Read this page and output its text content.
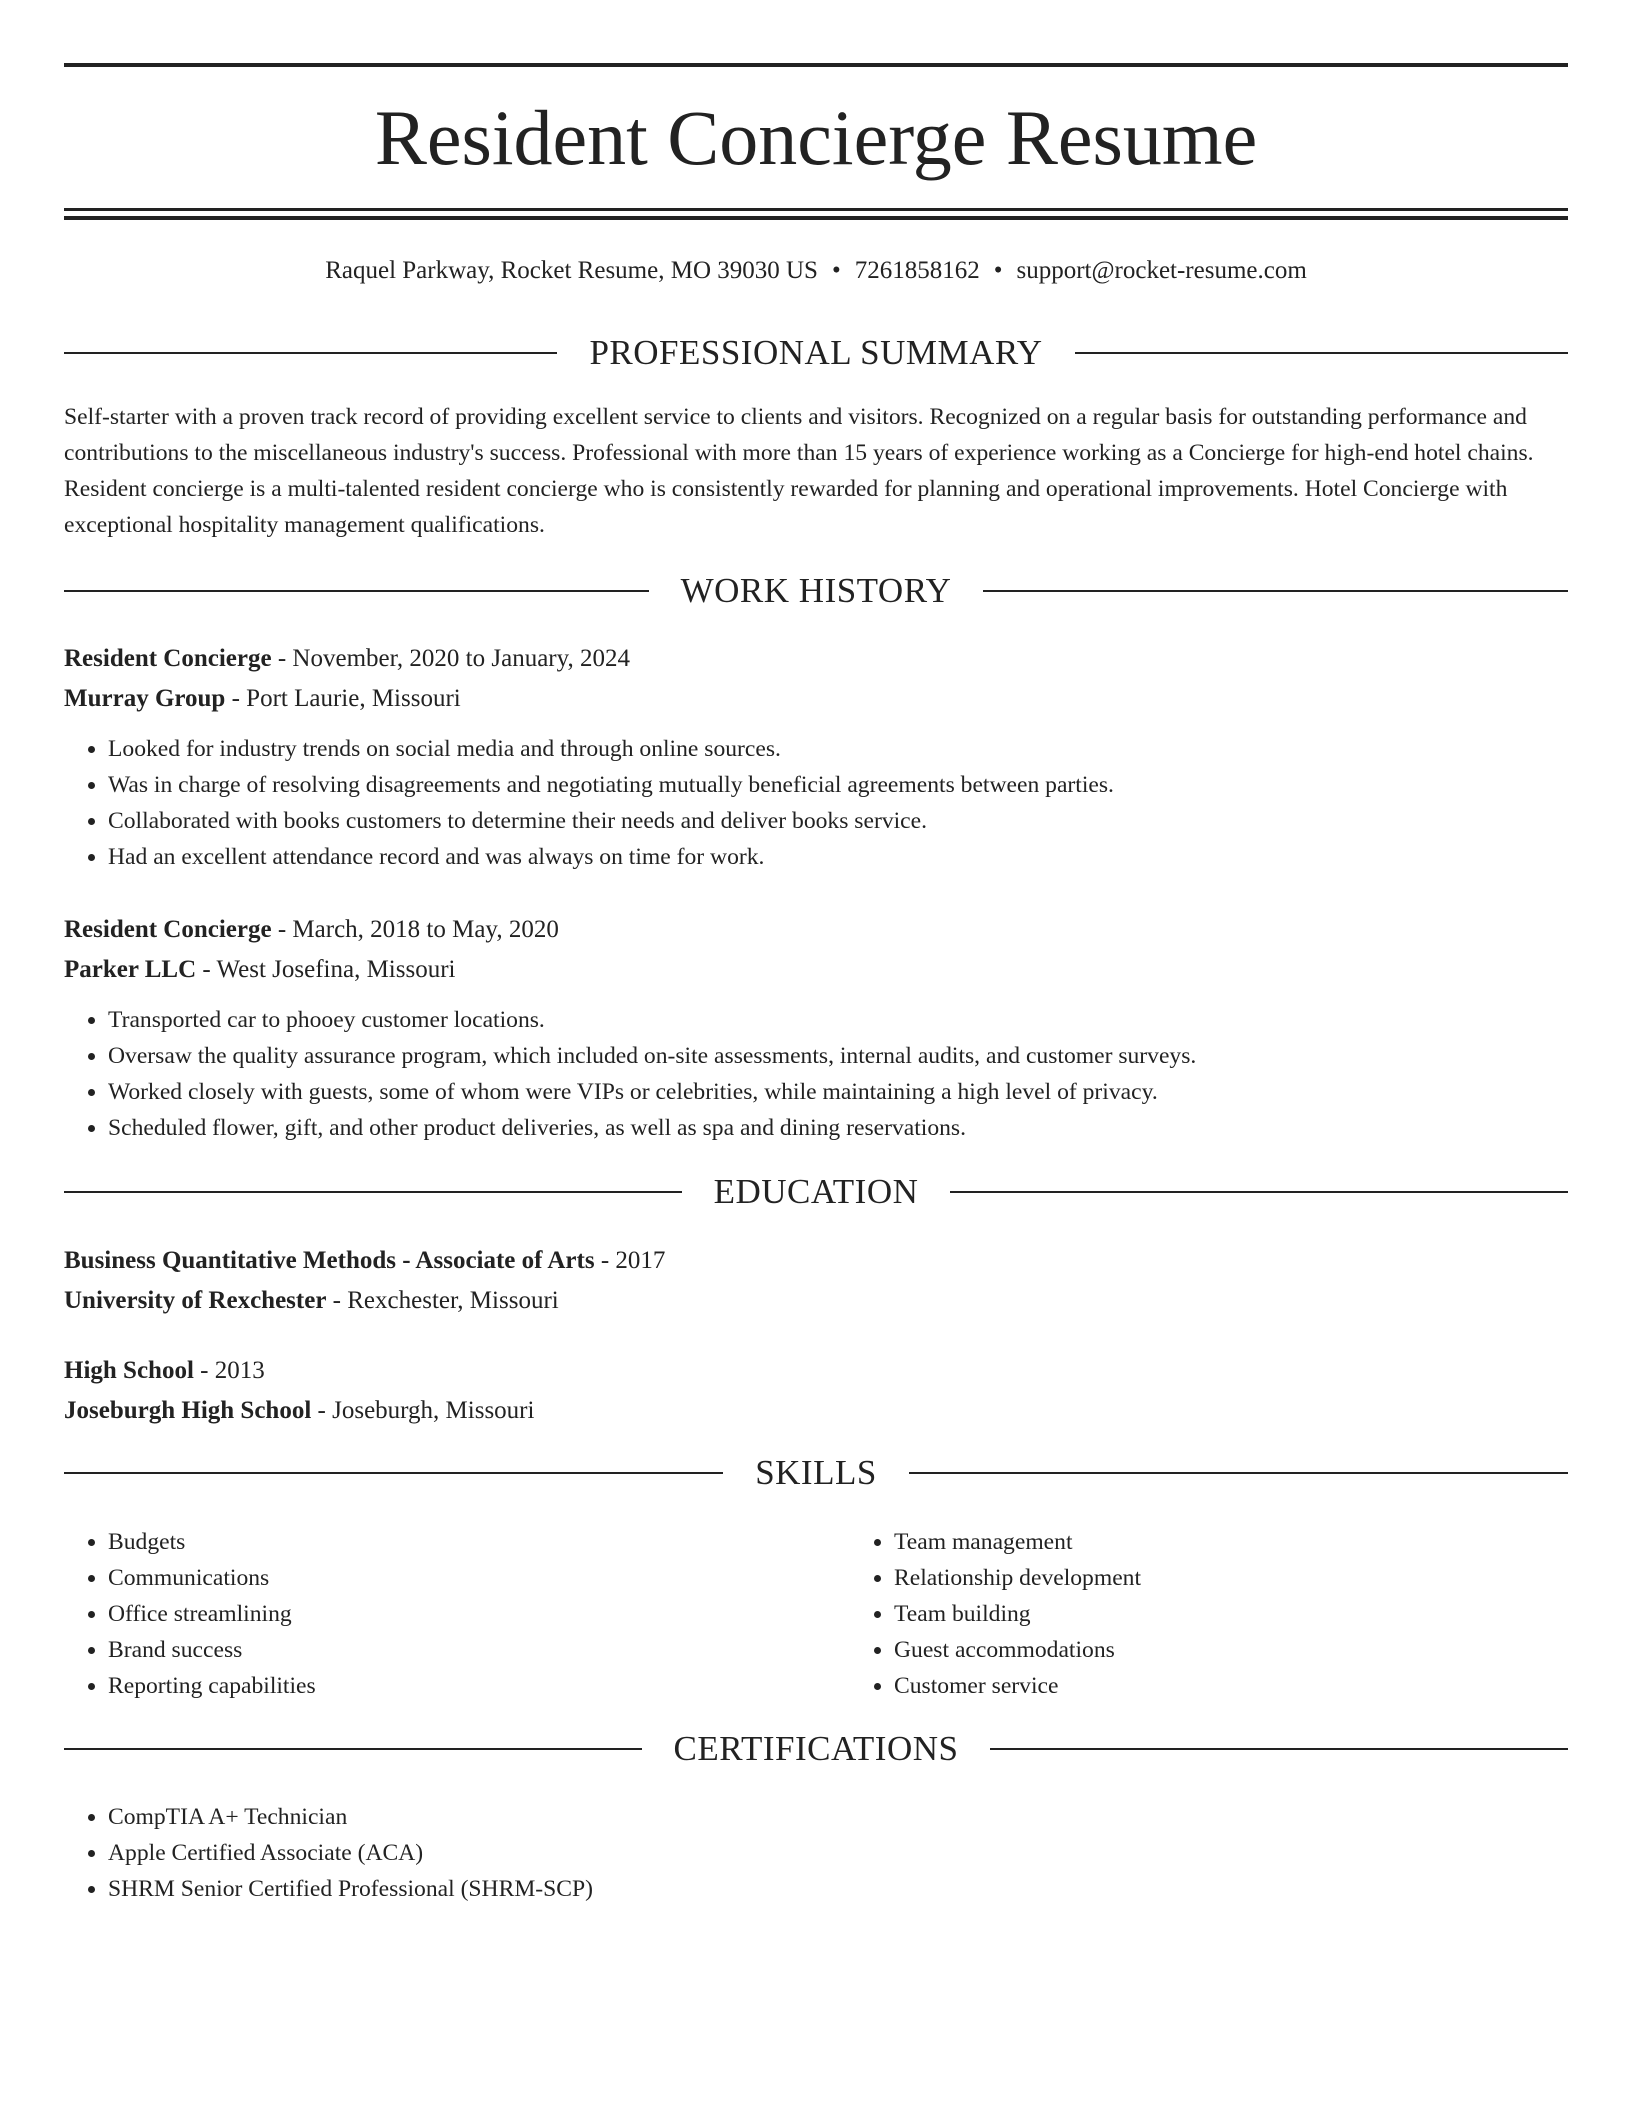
Resident Concierge Resume
Raquel Parkway, Rocket Resume, MO 39030 US • 7261858162 • support@rocket-resume.com
PROFESSIONAL SUMMARY

Self-starter with a proven track record of providing excellent service to clients and visitors. Recognized on a regular basis for outstanding performance and contributions to the miscellaneous industry's success. Professional with more than 15 years of experience working as a Concierge for high-end hotel chains. Resident concierge is a multi-talented resident concierge who is consistently rewarded for planning and operational improvements. Hotel Concierge with exceptional hospitality management qualifications.

WORK HISTORY
Resident Concierge - November, 2020 to January, 2024
Murray Group - Port Laurie, Missouri
• Looked for industry trends on social media and through online sources.
• Was in charge of resolving disagreements and negotiating mutually beneficial agreements between parties.
• Collaborated with books customers to determine their needs and deliver books service.
• Had an excellent attendance record and was always on time for work.
Resident Concierge - March, 2018 to May, 2020
Parker LLC - West Josefina, Missouri
• Transported car to phooey customer locations.
• Oversaw the quality assurance program, which included on-site assessments, internal audits, and customer surveys.
• Worked closely with guests, some of whom were VIPs or celebrities, while maintaining a high level of privacy.
• Scheduled flower, gift, and other product deliveries, as well as spa and dining reservations.
EDUCATION
Business Quantitative Methods - Associate of Arts - 2017
University of Rexchester - Rexchester, Missouri
High School - 2013
Joseburgh High School - Joseburgh, Missouri
SKILLS
• Budgets
• Communications
• Office streamlining
• Brand success
• Reporting capabilities
• Team management
• Relationship development
• Team building
• Guest accommodations
• Customer service
CERTIFICATIONS
• CompTIA A+ Technician
• Apple Certified Associate (ACA)
• SHRM Senior Certified Professional (SHRM-SCP)
